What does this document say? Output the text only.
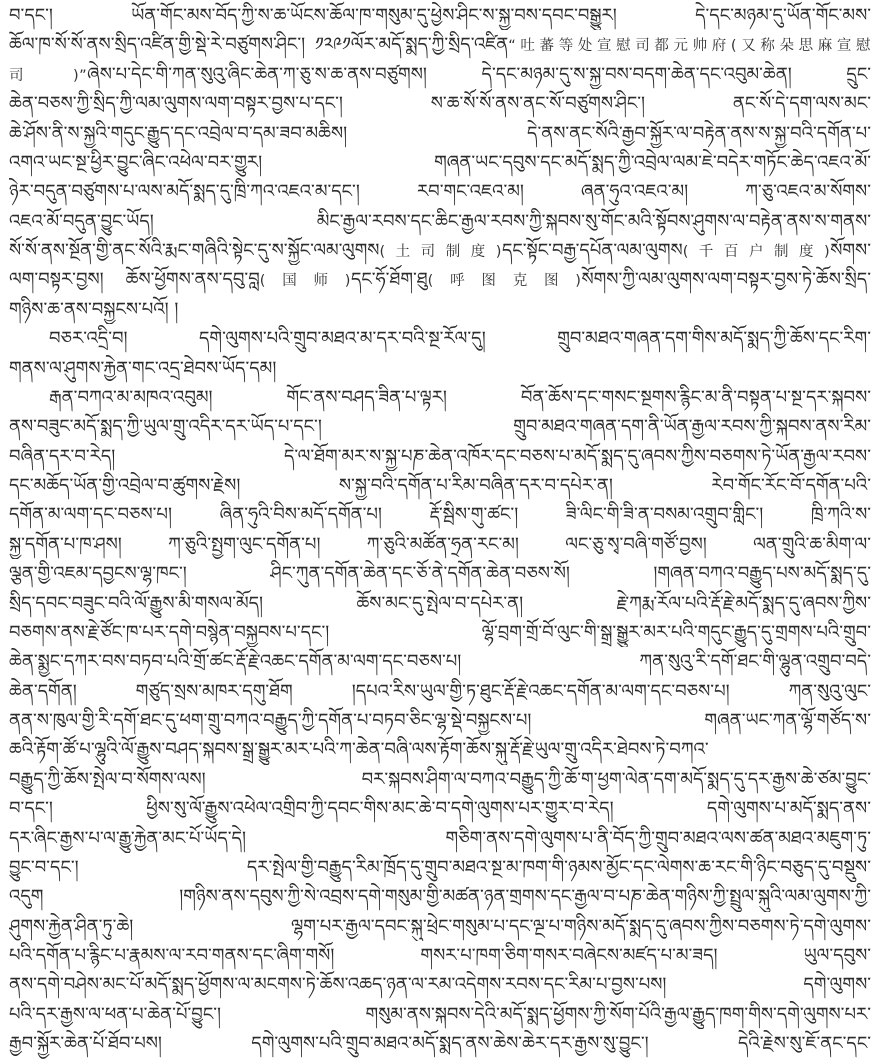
བ་དང་། ཡོན་གོང་མས་བོད་ཀྱི་ས་ཆ་ཡོངས་ཆོལ་ཁ་གསུམ་དུ་ཕྱེས་ཤིང་ས་སྐྱ་བས་དབང་བསྒྱུར། དེ་དང་མཉམ་དུ་ཡོན་གོང་མས་
ཆོལ་ཁ་སོ་སོ་ནས་སྲིད་འཛིན་གྱི་སྡེ་རེ་བཙུགས་ཤིང་། ༡༢༩༡ལོར་མདོ་སྨད་ཀྱི་སྲིད་འཛིན“吐蕃等处宣慰司都元帅府(又称朵思麻宣慰
司)”ཞེས་པ་དེང་གི་ཀན་སུའུ་ཞིང་ཆེན་ཀ་ཅུ་ས་ཆ་ནས་བཙུགས། དེ་དང་མཉམ་དུ་ས་སྐྱ་བས་བདག་ཆེན་དང་འབུམ་ཆེན། དྲུང་
ཆེན་བཅས་ཀྱི་སྲིད་ཀྱི་ལམ་ལུགས་ལག་བསྟར་བྱས་པ་དང་། ས་ཆ་སོ་སོ་ནས་ནང་སོ་བཙུགས་ཤིང་། ནང་སོ་དེ་དག་ལས་མང་
ཆེ་ཤོས་ནི་ས་སྐྱའི་གདུང་རྒྱུད་དང་འབྲེལ་བ་དམ་ཟབ་མཆིས། དེ་ནས་ནང་སོའི་རྒྱབ་སྐྱོར་ལ་བརྟེན་ནས་ས་སྐྱ་བའི་དགོན་པ་
འགའ་ཡང་སྔ་ཕྱིར་བྱུང་ཞིང་འཕེལ་བར་གྱུར། གཞན་ཡང་དབུས་དང་མདོ་སྨད་ཀྱི་འབྲེལ་ལམ་ཇེ་བདེར་གཏོང་ཆེད་འཇའ་མོ་
ཉེར་བདུན་བཙུགས་པ་ལས་མདོ་སྨད་དུ་ཁྲི་ཀའ་འཇའ་མ་དང་། རབ་གང་འཇའ་མ། ཞན་ཧུའ་འཇའ་མ། ཀ་ཅུ་འཇའ་མ་སོགས་
འཇའ་མོ་བདུན་བྱུང་ཡོད། མིང་རྒྱལ་རབས་དང་ཆིང་རྒྱལ་རབས་ཀྱི་སྐབས་སུ་གོང་མའི་སྟོབས་ཤུགས་ལ་བརྟེན་ནས་ས་གནས་
སོ་སོ་ནས་སྔོན་གྱི་ནང་སོའི་རྨང་གཞིའི་སྟེང་དུ་ས་སྐྱོང་ལམ་ལུགས(土司制度)དང་སྟོང་བརྒྱ་དཔོན་ལམ་ལུགས(千百户制度)སོགས་
ལག་བསྟར་བྱས། ཆོས་ཕྱོགས་ནས་དབུ་བླ(国师)དང་ཧོ་ཐོག་ཐུ(呼图克图)སོགས་ཀྱི་ལམ་ལུགས་ལག་བསྟར་བྱས་ཏེ་ཆོས་སྲིད་
གཉིས་ཆ་ནས་བསྐྱངས་པའོ། །
བཅར་འདྲི་བ། དགེ་ལུགས་པའི་གྲུབ་མཐའ་མ་དར་བའི་སྔ་རོལ་དུ། གྲུབ་མཐའ་གཞན་དག་གིས་མདོ་སྨད་ཀྱི་ཆོས་དང་རིག་
གནས་ལ་ཤུགས་རྐྱེན་གང་འདྲ་ཐེབས་ཡོད་དམ།
རྒན་བཀའ་མ་མཁའ་འབུམ། གོང་ནས་བཤད་ཟིན་པ་ལྟར། བོན་ཆོས་དང་གསང་སྔགས་རྙིང་མ་ནི་བསྟན་པ་སྔ་དར་སྐབས་
ནས་བཟུང་མདོ་སྨད་ཀྱི་ཡུལ་གྲུ་འདིར་དར་ཡོད་པ་དང་། གྲུབ་མཐའ་གཞན་དག་ནི་ཡོན་རྒྱལ་རབས་ཀྱི་སྐབས་ནས་རིམ་
བཞིན་དར་བ་རེད། དེ་ལ་ཐོག་མར་ས་སྐྱ་པཎ་ཆེན་འཁོར་དང་བཅས་པ་མདོ་སྨད་དུ་ཞབས་ཀྱིས་བཅགས་ཏེ་ཡོན་རྒྱལ་རབས་
དང་མཆོད་ཡོན་གྱི་འབྲེལ་བ་ཚུགས་རྗེས། ས་སྐྱ་བའི་དགོན་པ་རིམ་བཞིན་དར་བ་དཔེར་ན། རེབ་གོང་རོང་བོ་དགོན་པའི་
དགོན་མ་ལག་དང་བཅས་པ། ཞིན་ཧུའི་བིས་མདོ་དགོན་པ། རྡོ་སྦིས་གུ་ཚང་། ཟི་ལིང་གི་ཟི་ན་བསམ་འགྲུབ་གླིང་། ཁྲི་ཀའི་ས་
སྐྱ་དགོན་པ་ཁ་ཤས། ཀ་ཅུའི་སྤྱག་ལུང་དགོན་པ། ཀ་ཅུའི་མཚོན་ཧྲན་རང་མ། ལང་ཅུ་སྭ་བཞི་གཙོ་བྱས། ལན་གྲུའི་ཆ་མིག་ལ་
ལྕན་གྱི་འཇམ་དབྱངས་ལྷ་ཁང་། ཤིང་ཀུན་དགོན་ཆེན་དང་ཅོ་ནེ་དགོན་ཆེན་བཅས་སོ། །གཞན་བཀའ་བརྒྱུད་པས་མདོ་སྨད་དུ་
སྲིད་དབང་བཟུང་བའི་ལོ་རྒྱུས་མི་གསལ་མོད། ཆོས་མང་དུ་སྤེལ་བ་དཔེར་ན། རྗེ་ཀརྨ་རོལ་པའི་རྡོ་རྗེ་མདོ་སྨད་དུ་ཞབས་ཀྱིས་
བཅགས་ནས་རྗེ་ཙོང་ཁ་པར་དགེ་བསྙེན་བསྐྱབས་པ་དང་། ལྷོ་བྲག་གྲོ་བོ་ལུང་གི་སྒྲ་སྒྱུར་མར་པའི་གདུང་རྒྱུད་དུ་གྲགས་པའི་གྲུབ་
ཆེན་སྨྱང་དཀར་བས་བཏབ་པའི་གྲོ་ཚང་རྡོ་རྗེ་འཆང་དགོན་མ་ལག་དང་བཅས་པ། ཀན་སུའུ་རི་དགོ་ཐང་གི་ལྷུན་འགྲུབ་བདེ་
ཆེན་དགོན། གཙུད་སྲས་མཁར་དགུ་ཐོག །དཔའ་རིས་ཡུལ་གྱི་ཏ་ཐུང་རྡོ་རྗེ་འཆང་དགོན་མ་ལག་དང་བཅས་པ། ཀན་སུའུ་ལུང་
ནན་ས་ཁུལ་གྱི་རི་དགོ་ཐང་དུ་ཕག་གྲུ་བཀའ་བརྒྱུད་ཀྱི་དགོན་པ་བཏབ་ཅིང་ལྷ་སྡེ་བསྐྱངས་པ། གཞན་ཡང་ཀན་ལྷོ་གཙོད་ས་
ཆའི་རྟོག་ཚོ་པ་ལྷུའི་ལོ་རྒྱུས་བཤད་སྐབས་སྒྲ་སྒྱུར་མར་པའི་ཀ་ཆེན་བཞི་ལས་རྟོག་ཆོས་སྐུ་རྡོ་རྗེ་ཡུལ་གྲུ་འདིར་ཐེབས་ཏེ་བཀའ་
བརྒྱུད་ཀྱི་ཆོས་སྤེལ་བ་སོགས་ལས། བར་སྐབས་ཤིག་ལ་བཀའ་བརྒྱུད་ཀྱི་ཆོ་ག་ཕྱག་ལེན་དག་མདོ་སྨད་དུ་དར་རྒྱས་ཆེ་ཙམ་བྱུང་
བ་དང་། ཕྱིས་སུ་ལོ་རྒྱུས་འཕེལ་འགྲིབ་ཀྱི་དབང་གིས་མང་ཆེ་བ་དགེ་ལུགས་པར་གྱུར་བ་རེད། དགེ་ལུགས་པ་མདོ་སྨད་ནས་
དར་ཞིང་རྒྱས་པ་ལ་རྒྱུ་རྐྱེན་མང་པོ་ཡོད་དེ། གཅིག་ནས་དགེ་ལུགས་པ་ནི་བོད་ཀྱི་གྲུབ་མཐའ་ལས་ཚན་མཐའ་མཇུག་ཏུ་
བྱུང་བ་དང་། དར་སྤེལ་གྱི་བརྒྱུད་རིམ་ཁྲོད་དུ་གྲུབ་མཐའ་སྔ་མ་ཁག་གི་ཉམས་མྱོང་དང་ལེགས་ཆ་རང་གི་ཉིང་བཅུད་དུ་བསྡུས་
འདུག །གཉིས་ནས་དབུས་ཀྱི་སེ་འབྲས་དགེ་གསུམ་གྱི་མཚན་ཉན་གྲགས་དང་རྒྱལ་བ་པཎ་ཆེན་གཉིས་ཀྱི་སྤྲུལ་སྐུའི་ལམ་ལུགས་ཀྱི་
ཤུགས་རྐྱེན་ཤིན་ཏུ་ཆེ། ལྷག་པར་རྒྱལ་དབང་སྐུ་ཕྲེང་གསུམ་པ་དང་ལྔ་པ་གཉིས་མདོ་སྨད་དུ་ཞབས་ཀྱིས་བཅགས་ཏེ་དགེ་ལུགས་
པའི་དགོན་པ་རྙིང་པ་རྣམས་ལ་རབ་གནས་དང་ཞིག་གསོ། གསར་པ་ཁག་ཅིག་གསར་བཞེངས་མཛད་པ་མ་ཟད། ཡུལ་དབུས་
ནས་དགེ་བཤེས་མང་པོ་མདོ་སྨད་ཕྱོགས་ལ་མངགས་ཏེ་ཆོས་འཆད་ཉན་ལ་རམ་འདེགས་རབས་དང་རིམ་པ་བྱས་པས། དགེ་ལུགས་
པའི་དར་རྒྱས་ལ་ཕན་པ་ཆེན་པོ་བྱུང་། གསུམ་ནས་སྐབས་དེའི་མདོ་སྨད་ཕྱོགས་ཀྱི་སོག་པོའི་རྒྱལ་རྒྱུད་ཁག་གིས་དགེ་ལུགས་པར་
རྒྱབ་སྐྱོར་ཆེན་པོ་ཐོབ་པས། དགེ་ལུགས་པའི་གྲུབ་མཐའ་མདོ་སྨད་ནས་ཆེས་ཆེར་དར་རྒྱས་སུ་བྱུང་། དེའི་རྗེས་སུ་ཇོ་ནང་དང་
